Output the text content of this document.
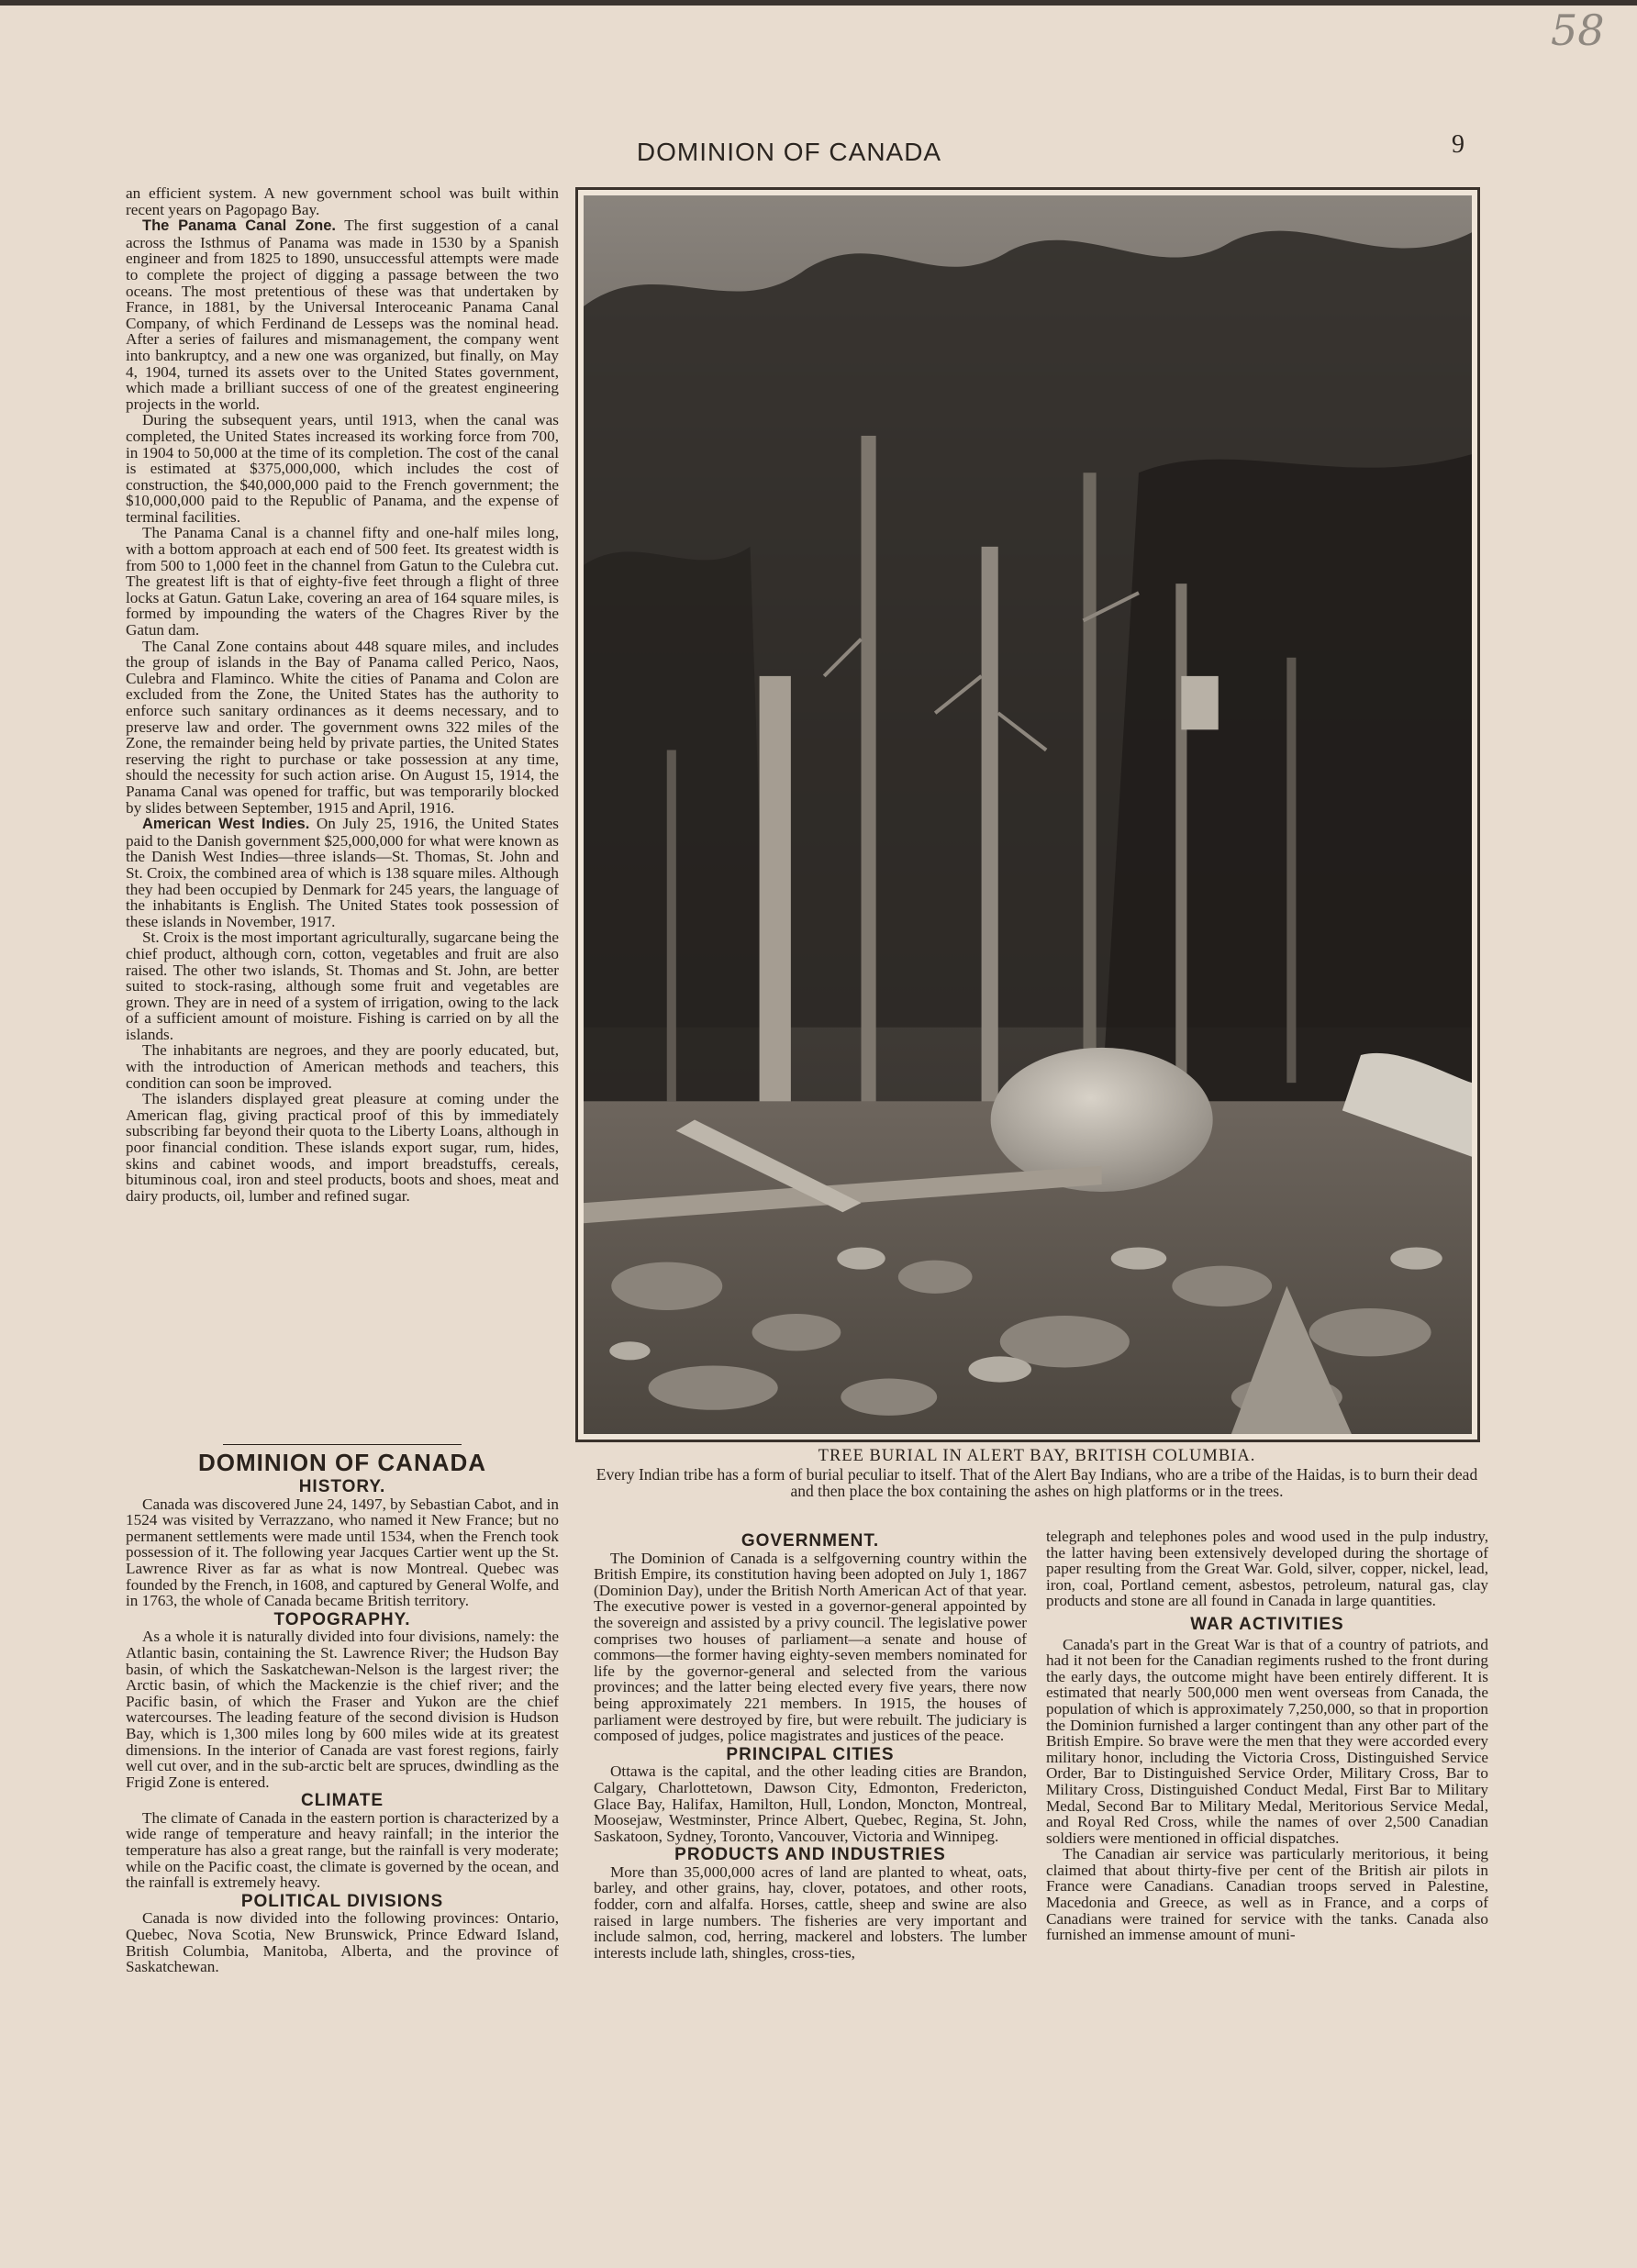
58
DOMINION OF CANADA	9

an efficient system. A new government school was built within recent years on Pagopago Bay.

The Panama Canal Zone. The first suggestion of a canal across the Isthmus of Panama was made in 1530 by a Spanish engineer and from 1825 to 1890, unsuccessful attempts were made to complete the project of digging a passage between the two oceans. The most pretentious of these was that undertaken by France, in 1881, by the Universal Interoceanic Panama Canal Company, of which Ferdinand de Lesseps was the nominal head. After a series of failures and mismanagement, the company went into bankruptcy, and a new one was organized, but finally, on May 4, 1904, turned its assets over to the United States government, which made a brilliant success of one of the greatest engineering projects in the world.

During the subsequent years, until 1913, when the canal was completed, the United States increased its working force from 700, in 1904 to 50,000 at the time of its completion. The cost of the canal is estimated at $375,000,000, which includes the cost of construction, the $40,000,000 paid to the French government; the $10,000,000 paid to the Republic of Panama, and the expense of terminal facilities.

The Panama Canal is a channel fifty and one-half miles long, with a bottom approach at each end of 500 feet. Its greatest width is from 500 to 1,000 feet in the channel from Gatun to the Culebra cut. The greatest lift is that of eighty-five feet through a flight of three locks at Gatun. Gatun Lake, covering an area of 164 square miles, is formed by impounding the waters of the Chagres River by the Gatun dam.

The Canal Zone contains about 448 square miles, and includes the group of islands in the Bay of Panama called Perico, Naos, Culebra and Flaminco. White the cities of Panama and Colon are excluded from the Zone, the United States has the authority to enforce such sanitary ordinances as it deems necessary, and to preserve law and order. The government owns 322 miles of the Zone, the remainder being held by private parties, the United States reserving the right to purchase or take possession at any time, should the necessity for such action arise. On August 15, 1914, the Panama Canal was opened for traffic, but was temporarily blocked by slides between September, 1915 and April, 1916.

American West Indies. On July 25, 1916, the United States paid to the Danish government $25,000,000 for what were known as the Danish West Indies—three islands—St. Thomas, St. John and St. Croix, the combined area of which is 138 square miles. Although they had been occupied by Denmark for 245 years, the language of the inhabitants is English. The United States took possession of these islands in November, 1917.

St. Croix is the most important agriculturally, sugarcane being the chief product, although corn, cotton, vegetables and fruit are also raised. The other two islands, St. Thomas and St. John, are better suited to stock-rasing, although some fruit and vegetables are grown. They are in need of a system of irrigation, owing to the lack of a sufficient amount of moisture. Fishing is carried on by all the islands.

The inhabitants are negroes, and they are poorly educated, but, with the introduction of American methods and teachers, this condition can soon be improved.

The islanders displayed great pleasure at coming under the American flag, giving practical proof of this by immediately subscribing far beyond their quota to the Liberty Loans, although in poor financial condition. These islands export sugar, rum, hides, skins and cabinet woods, and import breadstuffs, cereals, bituminous coal, iron and steel products, boots and shoes, meat and dairy products, oil, lumber and refined sugar.

DOMINION OF CANADA
HISTORY.

Canada was discovered June 24, 1497, by Sebastian Cabot, and in 1524 was visited by Verrazzano, who named it New France; but no permanent settlements were made until 1534, when the French took possession of it. The following year Jacques Cartier went up the St. Lawrence River as far as what is now Montreal. Quebec was founded by the French, in 1608, and captured by General Wolfe, and in 1763, the whole of Canada became British territory.

TOPOGRAPHY.

As a whole it is naturally divided into four divisions, namely: the Atlantic basin, containing the St. Lawrence River; the Hudson Bay basin, of which the Saskatchewan-Nelson is the largest river; the Arctic basin, of which the Mackenzie is the chief river; and the Pacific basin, of which the Fraser and Yukon are the chief watercourses. The leading feature of the second division is Hudson Bay, which is 1,300 miles long by 600 miles wide at its greatest dimensions. In the interior of Canada are vast forest regions, fairly well cut over, and in the sub-arctic belt are spruces, dwindling as the Frigid Zone is entered.

CLIMATE

The climate of Canada in the eastern portion is characterized by a wide range of temperature and heavy rainfall; in the interior the temperature has also a great range, but the rainfall is very moderate; while on the Pacific coast, the climate is governed by the ocean, and the rainfall is extremely heavy.

POLITICAL DIVISIONS

Canada is now divided into the following provinces: Ontario, Quebec, Nova Scotia, New Brunswick, Prince Edward Island, British Columbia, Manitoba, Alberta, and the province of Saskatchewan.

TREE BURIAL IN ALERT BAY, BRITISH COLUMBIA.
Every Indian tribe has a form of burial peculiar to itself. That of the Alert Bay Indians, who are a tribe of the Haidas, is to burn their dead and then place the box containing the ashes on high platforms or in the trees.
GOVERNMENT.

The Dominion of Canada is a selfgoverning country within the British Empire, its constitution having been adopted on July 1, 1867 (Dominion Day), under the British North American Act of that year. The executive power is vested in a governor-general appointed by the sovereign and assisted by a privy council. The legislative power comprises two houses of parliament—a senate and house of commons—the former having eighty-seven members nominated for life by the governor-general and selected from the various provinces; and the latter being elected every five years, there now being approximately 221 members. In 1915, the houses of parliament were destroyed by fire, but were rebuilt. The judiciary is composed of judges, police magistrates and justices of the peace.

PRINCIPAL CITIES

Ottawa is the capital, and the other leading cities are Brandon, Calgary, Charlottetown, Dawson City, Edmonton, Fredericton, Glace Bay, Halifax, Hamilton, Hull, London, Moncton, Montreal, Moosejaw, Westminster, Prince Albert, Quebec, Regina, St. John, Saskatoon, Sydney, Toronto, Vancouver, Victoria and Winnipeg.

PRODUCTS AND INDUSTRIES

More than 35,000,000 acres of land are planted to wheat, oats, barley, and other grains, hay, clover, potatoes, and other roots, fodder, corn and alfalfa. Horses, cattle, sheep and swine are also raised in large numbers. The fisheries are very important and include salmon, cod, herring, mackerel and lobsters. The lumber interests include lath, shingles, cross-ties,

telegraph and telephones poles and wood used in the pulp industry, the latter having been extensively developed during the shortage of paper resulting from the Great War. Gold, silver, copper, nickel, lead, iron, coal, Portland cement, asbestos, petroleum, natural gas, clay products and stone are all found in Canada in large quantities.

WAR ACTIVITIES

Canada's part in the Great War is that of a country of patriots, and had it not been for the Canadian regiments rushed to the front during the early days, the outcome might have been entirely different. It is estimated that nearly 500,000 men went overseas from Canada, the population of which is approximately 7,250,000, so that in proportion the Dominion furnished a larger contingent than any other part of the British Empire. So brave were the men that they were accorded every military honor, including the Victoria Cross, Distinguished Service Order, Bar to Distinguished Service Order, Military Cross, Bar to Military Cross, Distinguished Conduct Medal, First Bar to Military Medal, Second Bar to Military Medal, Meritorious Service Medal, and Royal Red Cross, while the names of over 2,500 Canadian soldiers were mentioned in official dispatches.

The Canadian air service was particularly meritorious, it being claimed that about thirty-five per cent of the British air pilots in France were Canadians. Canadian troops served in Palestine, Macedonia and Greece, as well as in France, and a corps of Canadians were trained for service with the tanks. Canada also furnished an immense amount of muni-
